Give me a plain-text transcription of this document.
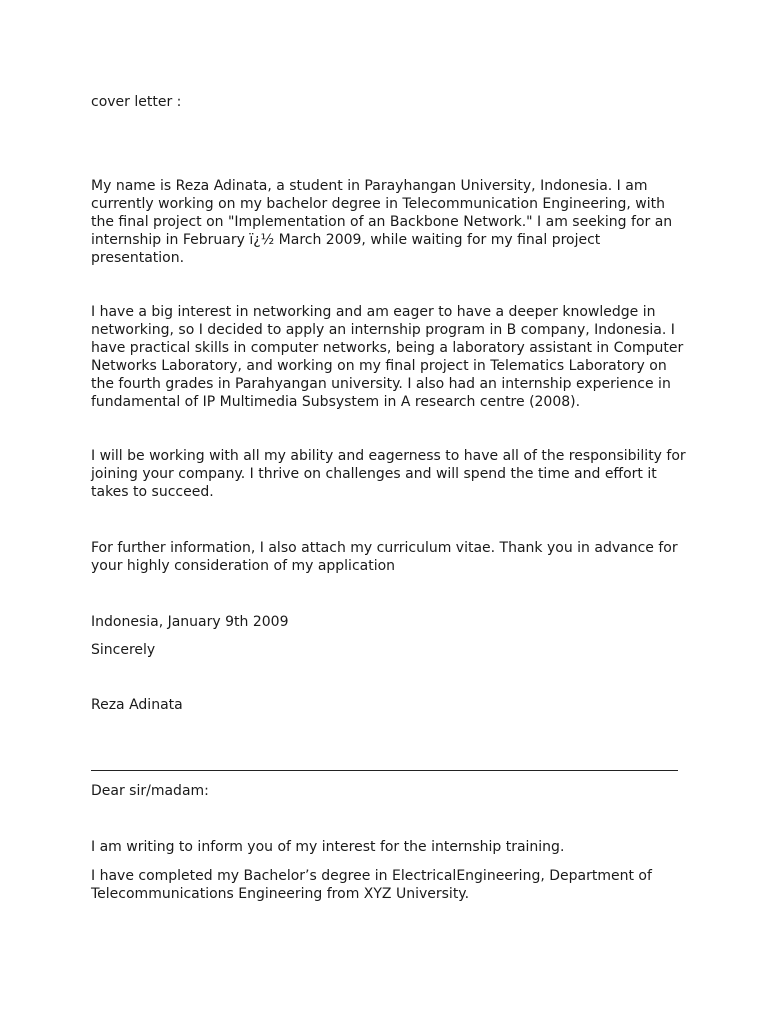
cover letter :
My name is Reza Adinata, a student in Parayhangan University, Indonesia. I am currently working on my bachelor degree in Telecommunication Engineering, with the final project on "Implementation of an Backbone Network." I am seeking for an internship in February ï¿½ March 2009, while waiting for my final project presentation.
I have a big interest in networking and am eager to have a deeper knowledge in networking, so I decided to apply an internship program in B company, Indonesia. I have practical skills in computer networks, being a laboratory assistant in Computer Networks Laboratory, and working on my final project in Telematics Laboratory on the fourth grades in Parahyangan university. I also had an internship experience in fundamental of IP Multimedia Subsystem in A research centre (2008).
I will be working with all my ability and eagerness to have all of the responsibility for joining your company. I thrive on challenges and will spend the time and effort it takes to succeed.
For further information, I also attach my curriculum vitae. Thank you in advance for your highly consideration of my application
Indonesia, January 9th 2009
Sincerely
Reza Adinata
Dear sir/madam:
I am writing to inform you of my interest for the internship training.
I have completed my Bachelor’s degree in ElectricalEngineering, Department of Telecommunications Engineering from XYZ University.
